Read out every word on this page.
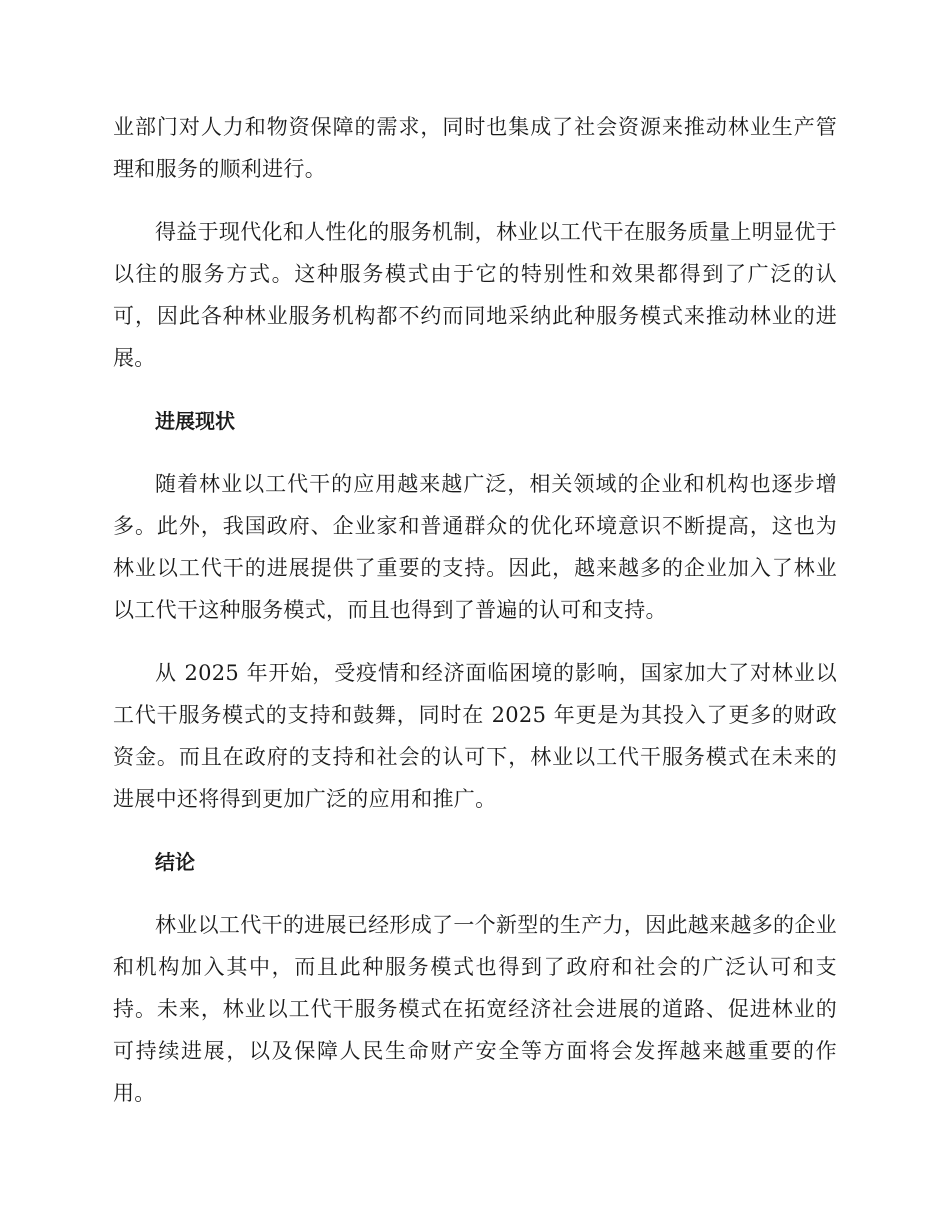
业部门对人力和物资保障的需求，同时也集成了社会资源来推动林业生产管理和服务的顺利进行。

得益于现代化和人性化的服务机制，林业以工代干在服务质量上明显优于以往的服务方式。这种服务模式由于它的特别性和效果都得到了广泛的认可，因此各种林业服务机构都不约而同地采纳此种服务模式来推动林业的进展。

进展现状

随着林业以工代干的应用越来越广泛，相关领域的企业和机构也逐步增多。此外，我国政府、企业家和普通群众的优化环境意识不断提高，这也为林业以工代干的进展提供了重要的支持。因此，越来越多的企业加入了林业以工代干这种服务模式，而且也得到了普遍的认可和支持。

从 2025 年开始，受疫情和经济面临困境的影响，国家加大了对林业以工代干服务模式的支持和鼓舞，同时在 2025 年更是为其投入了更多的财政资金。而且在政府的支持和社会的认可下，林业以工代干服务模式在未来的进展中还将得到更加广泛的应用和推广。

结论

林业以工代干的进展已经形成了一个新型的生产力，因此越来越多的企业和机构加入其中，而且此种服务模式也得到了政府和社会的广泛认可和支持。未来，林业以工代干服务模式在拓宽经济社会进展的道路、促进林业的可持续进展，以及保障人民生命财产安全等方面将会发挥越来越重要的作用。
